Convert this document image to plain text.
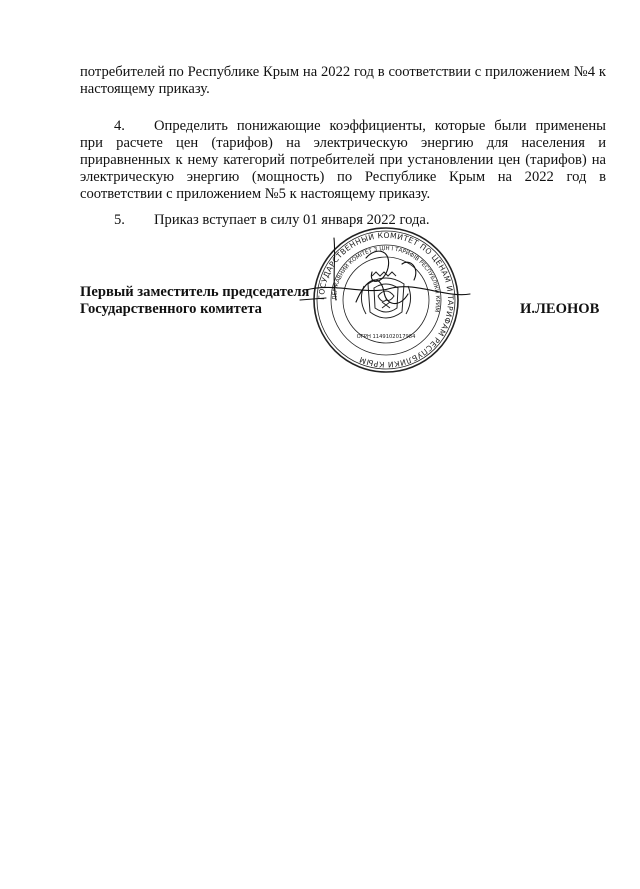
потребителей по Республике Крым на 2022 год в соответствии с приложением №4 к настоящему приказу.

4. Определить понижающие коэффициенты, которые были применены при расчете цен (тарифов) на электрическую энергию для населения и приравненных к нему категорий потребителей при установлении цен (тарифов) на электрическую энергию (мощность) по Республике Крым на 2022 год в соответствии с приложением №5 к настоящему приказу.

5. Приказ вступает в силу 01 января 2022 года.

Первый заместитель председателя
Государственного комитета	И.ЛЕОНОВ
ГОСУДАРСТВЕННЫЙ КОМИТЕТ ПО ЦЕНАМ И ТАРИФАМ РЕСПУБЛИКИ КРЫМ
ДЕРЖАВНИЙ КОМІТЕТ З ЦІН І ТАРИФІВ РЕСПУБЛІКИ КРИМ
ОГРН 1149102017984
